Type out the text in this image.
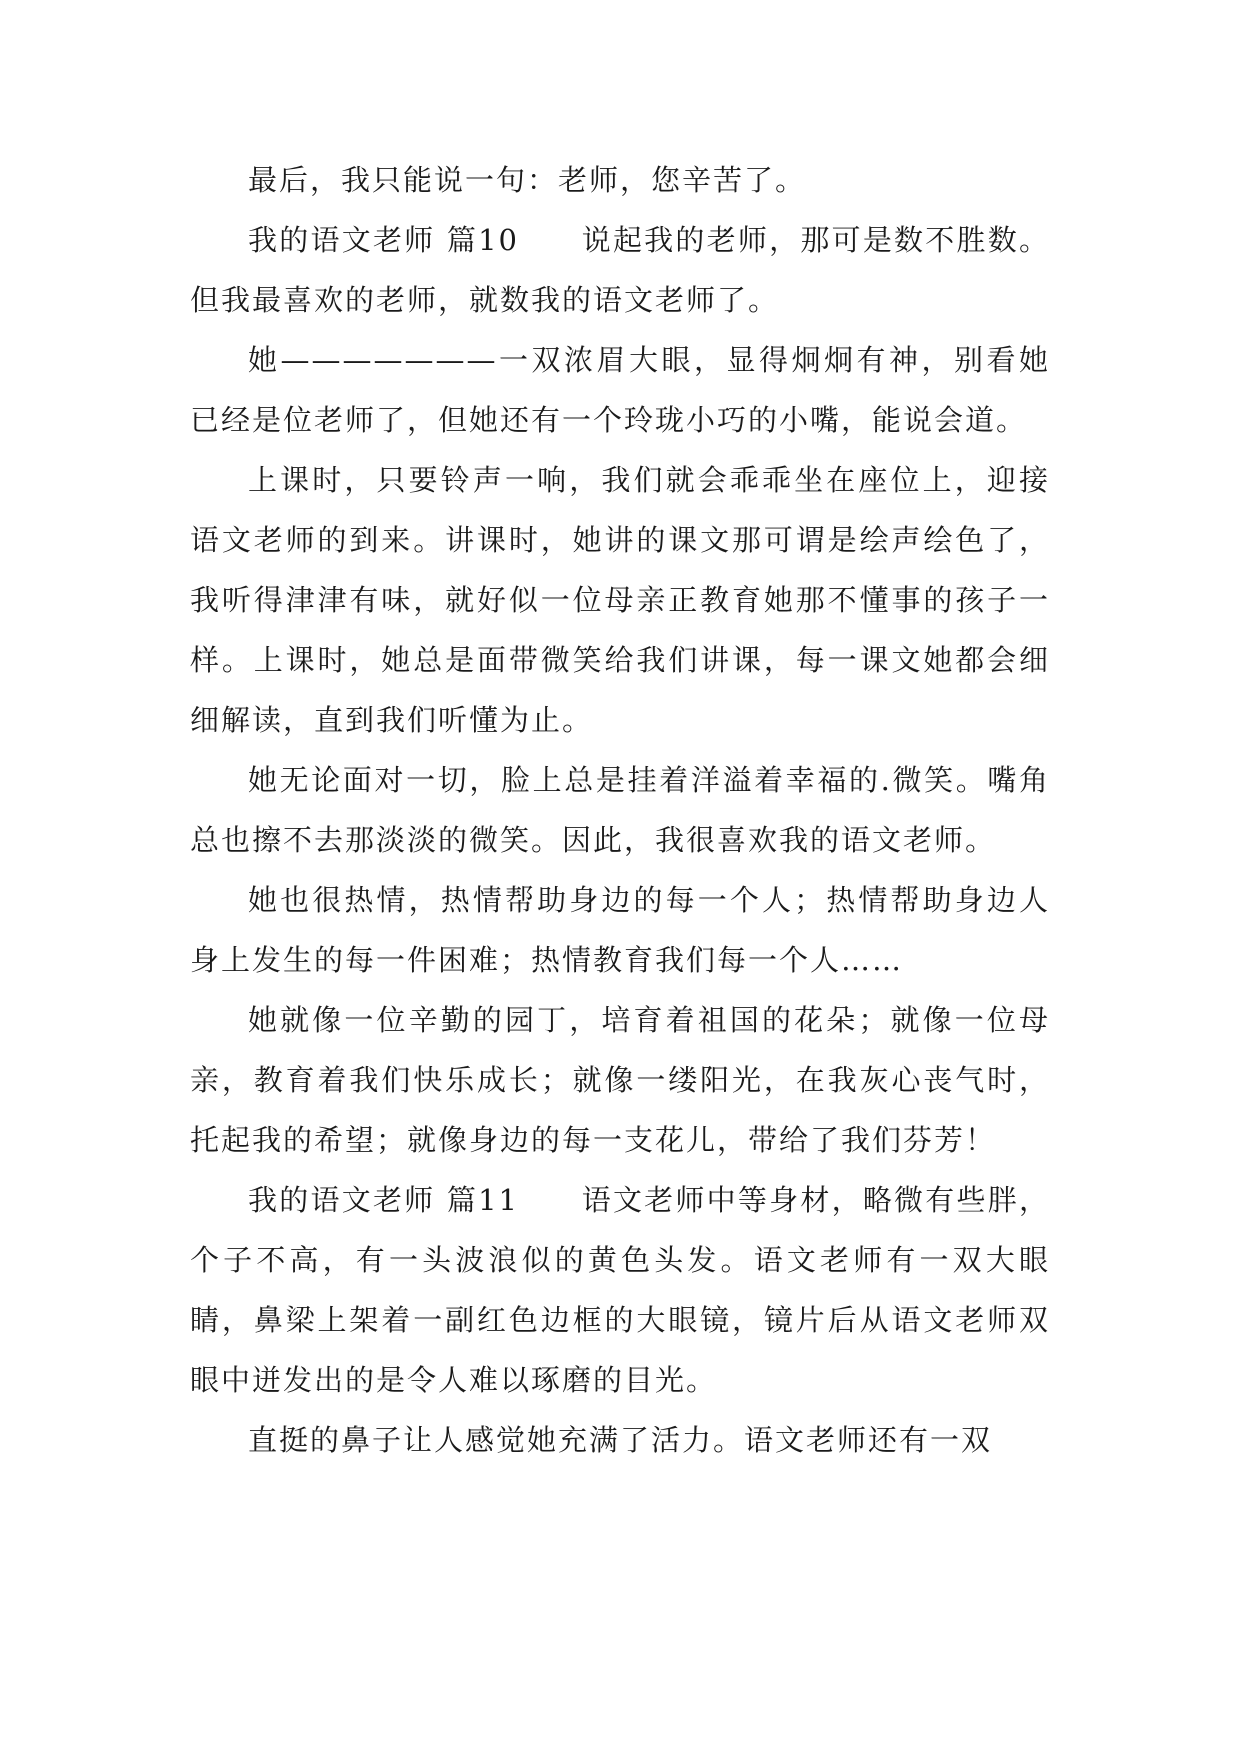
最后，我只能说一句：老师，您辛苦了。

我的语文老师 篇10　　说起我的老师，那可是数不胜数。但我最喜欢的老师，就数我的语文老师了。

她———————一双浓眉大眼，显得炯炯有神，别看她已经是位老师了，但她还有一个玲珑小巧的小嘴，能说会道。

上课时，只要铃声一响，我们就会乖乖坐在座位上，迎接语文老师的到来。讲课时，她讲的课文那可谓是绘声绘色了，我听得津津有味，就好似一位母亲正教育她那不懂事的孩子一样。上课时，她总是面带微笑给我们讲课，每一课文她都会细细解读，直到我们听懂为止。

她无论面对一切，脸上总是挂着洋溢着幸福的.微笑。嘴角总也擦不去那淡淡的微笑。因此，我很喜欢我的语文老师。

她也很热情，热情帮助身边的每一个人；热情帮助身边人身上发生的每一件困难；热情教育我们每一个人……

她就像一位辛勤的园丁，培育着祖国的花朵；就像一位母亲，教育着我们快乐成长；就像一缕阳光，在我灰心丧气时，托起我的希望；就像身边的每一支花儿，带给了我们芬芳！

我的语文老师 篇11　　语文老师中等身材，略微有些胖，个子不高，有一头波浪似的黄色头发。语文老师有一双大眼睛，鼻梁上架着一副红色边框的大眼镜，镜片后从语文老师双眼中迸发出的是令人难以琢磨的目光。

直挺的鼻子让人感觉她充满了活力。语文老师还有一双
